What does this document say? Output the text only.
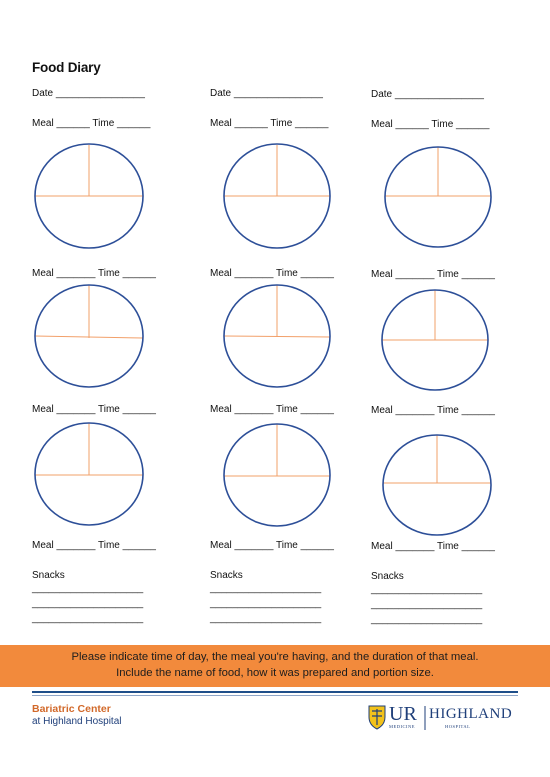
Food Diary
Date ________________
Meal ______ Time ______
Meal _______ Time ______
Meal _______ Time ______
Meal _______ Time ______
Snacks
____________________
____________________
____________________
Date ________________
Meal ______ Time ______
Meal _______ Time ______
Meal _______ Time ______
Meal _______ Time ______
Snacks
____________________
____________________
____________________
Date ________________
Meal ______ Time ______
Meal _______ Time ______
Meal _______ Time ______
Meal _______ Time ______
Snacks
____________________
____________________
____________________
Please indicate time of day, the meal you're having, and the duration of that meal.
Include the name of food, how it was prepared and portion size.
Bariatric Center
at Highland Hospital	UR
MEDICINE
HIGHLAND
HOSPITAL
